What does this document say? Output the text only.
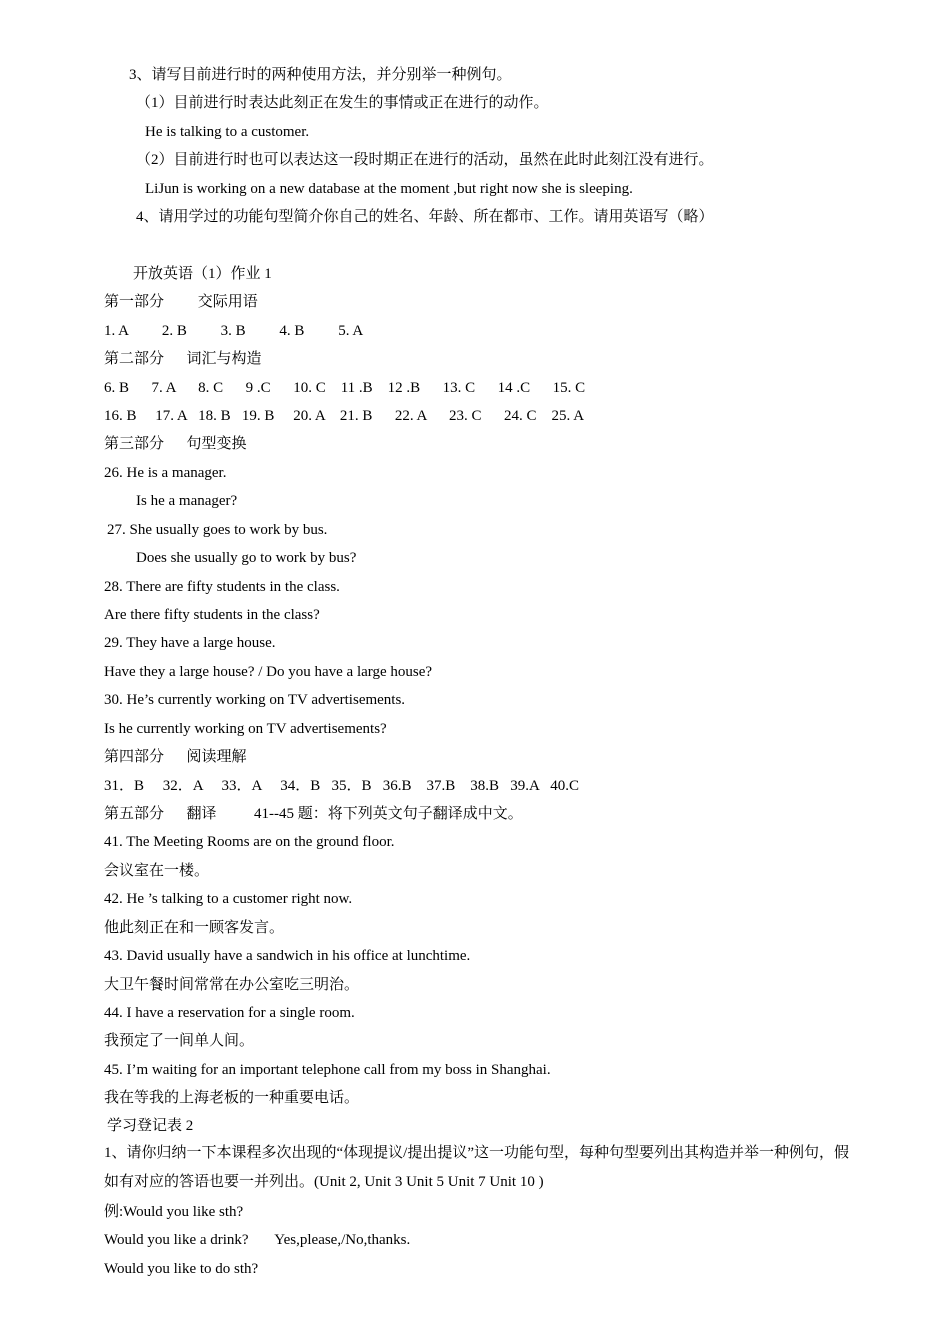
3、请写目前进行时的两种使用方法，并分别举一种例句。
（1）目前进行时表达此刻正在发生的事情或正在进行的动作。
He is talking to a customer.
（2）目前进行时也可以表达这一段时期正在进行的活动，虽然在此时此刻江没有进行。
LiJun is working on a new database at the moment ,but right now she is sleeping.
4、请用学过的功能句型简介你自己的姓名、年龄、所在都市、工作。请用英语写（略）
开放英语（1）作业 1
第一部分         交际用语
1. A         2. B         3. B         4. B         5. A
第二部分      词汇与构造
6. B      7. A      8. C      9 .C      10. C    11 .B    12 .B      13. C      14 .C      15. C
16. B     17. A   18. B   19. B     20. A    21. B      22. A      23. C      24. C    25. A
第三部分      句型变换
26. He is a manager.
Is he a manager?
27. She usually goes to work by bus.
Does she usually go to work by bus?
28. There are fifty students in the class.
Are there fifty students in the class?
29. They have a large house.
Have they a large house? / Do you have a large house?
30. He’s currently working on TV advertisements.
Is he currently working on TV advertisements?
第四部分      阅读理解
31．B     32．A     33．A     34．B   35．B   36.B    37.B    38.B   39.A   40.C
第五部分      翻译          41--45 题：将下列英文句子翻译成中文。
41. The Meeting Rooms are on the ground floor.
会议室在一楼。
42. He ’s talking to a customer right now.
他此刻正在和一顾客发言。
43. David usually have a sandwich in his office at lunchtime.
大卫午餐时间常常在办公室吃三明治。
44. I have a reservation for a single room.
我预定了一间单人间。
45. I’m waiting for an important telephone call from my boss in Shanghai.
我在等我的上海老板的一种重要电话。
学习登记表 2
1、请你归纳一下本课程多次出现的“体现提议/提出提议”这一功能句型，每种句型要列出其构造并举一种例句，假如有对应的答语也要一并列出。(Unit 2, Unit 3 Unit 5 Unit 7 Unit 10 )
例:Would you like sth?
Would you like a drink?       Yes,please,/No,thanks.
Would you like to do sth?
